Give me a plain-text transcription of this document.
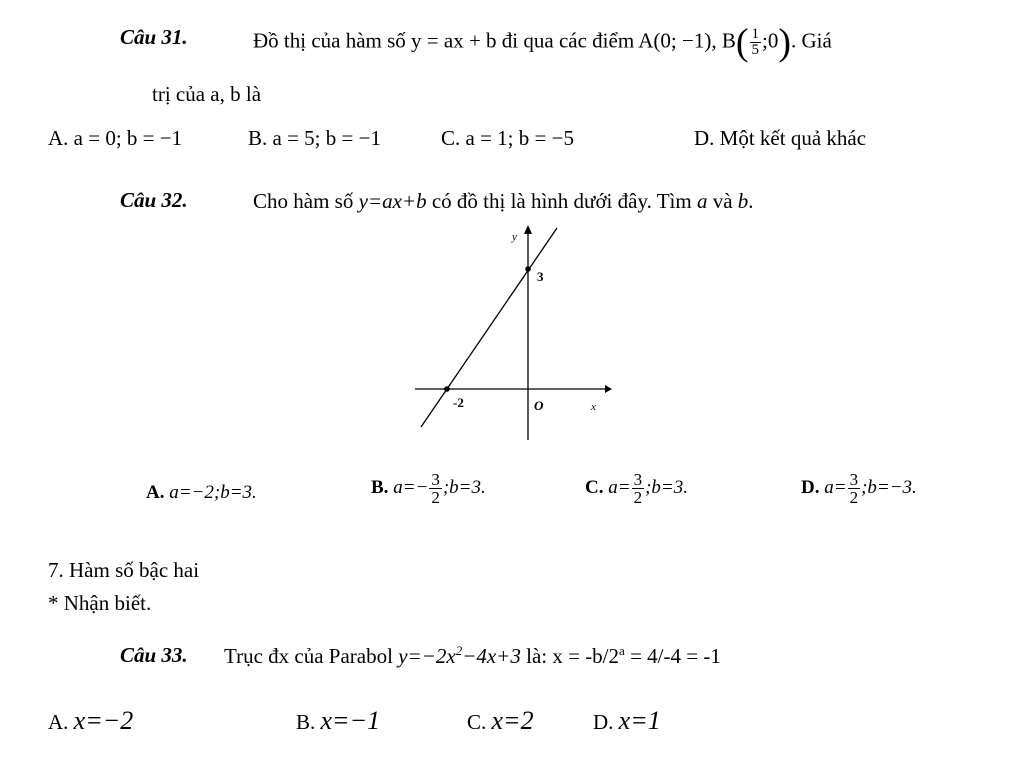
Câu 31.	Đồ thị của hàm số y = ax + b đi qua các điểm A(0; −1), $B( \frac{1}{5}$ ;0). Giá
trị của a, b là
A. a = 0; b = −1	B. a = 5; b = −1	C. a = 1; b = −5	D. Một kết quả khác
Câu 32.	Cho hàm số y=ax+b có đồ thị là hình dưới đây. Tìm a và b.
y
3
-2	O	x
A. a=−2;b=3.	B. $a=- \frac{3}{2}$ ;b=3.	C. $a= \frac{3}{2}$ ;b=3.	D. $a= \frac{3}{2}$ ;b=−3.
7. Hàm số bậc hai
* Nhận biết.
Câu 33. Trục đx của Parabol $y=-2x^2-4x+3$ là: $x = -b/2^a = 4/-4 = -1$
A. x=−2	B. x=−1	C. x=2	D. x=1
